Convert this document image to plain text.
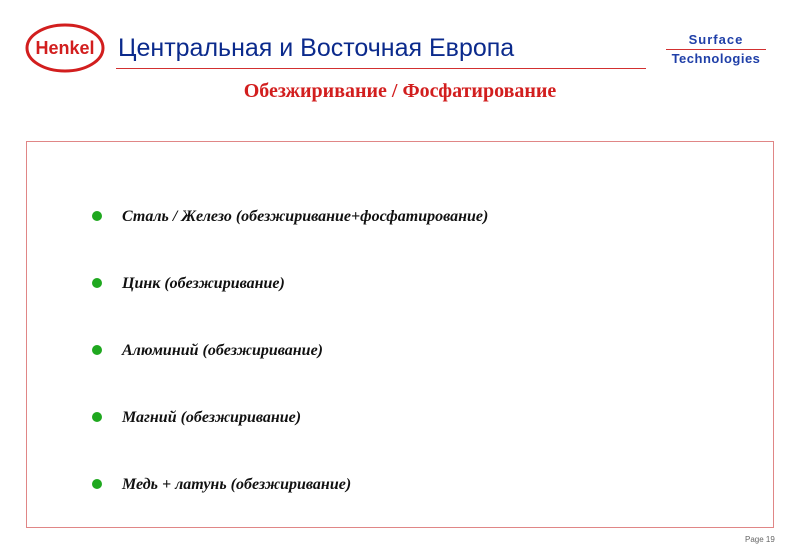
Henkel Центральная и Восточная Европа	Surface
Technologies
Обезжиривание / Фосфатирование
Сталь / Железо (обезжиривание+фосфатирование)
Цинк (обезжиривание)
Алюминий (обезжиривание)
Магний (обезжиривание)
Медь + латунь (обезжиривание)
Page 19
